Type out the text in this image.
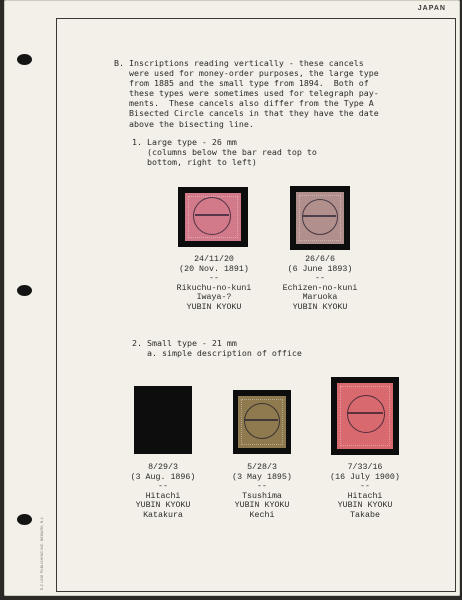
E-Z LINE PUBLISHING INC. NEWARK, N.J.
JAPAN
B. Inscriptions reading vertically - these cancels
were used for money-order purposes, the large type
from 1885 and the small type from 1894.  Both of
these types were sometimes used for telegraph pay-
ments.  These cancels also differ from the Type A
Bisected Circle cancels in that they have the date
above the bisecting line.
1. Large type - 26 mm
(columns below the bar read top to
bottom, right to left)
24/11/20
(20 Nov. 1891)
--
Rikuchu-no-kuni
Iwaya-?
YUBIN KYOKU
26/6/6
(6 June 1893)
--
Echizen-no-kuni
Maruoka
YUBIN KYOKU
2. Small type - 21 mm
a. simple description of office
8/29/3
(3 Aug. 1896)
--
Hitachi
YUBIN KYOKU
Katakura
5/28/3
(3 May 1895)
--
Tsushima
YUBIN KYOKU
Kechi
7/33/16
(16 July 1900)
--
Hitachi
YUBIN KYOKU
Takabe
